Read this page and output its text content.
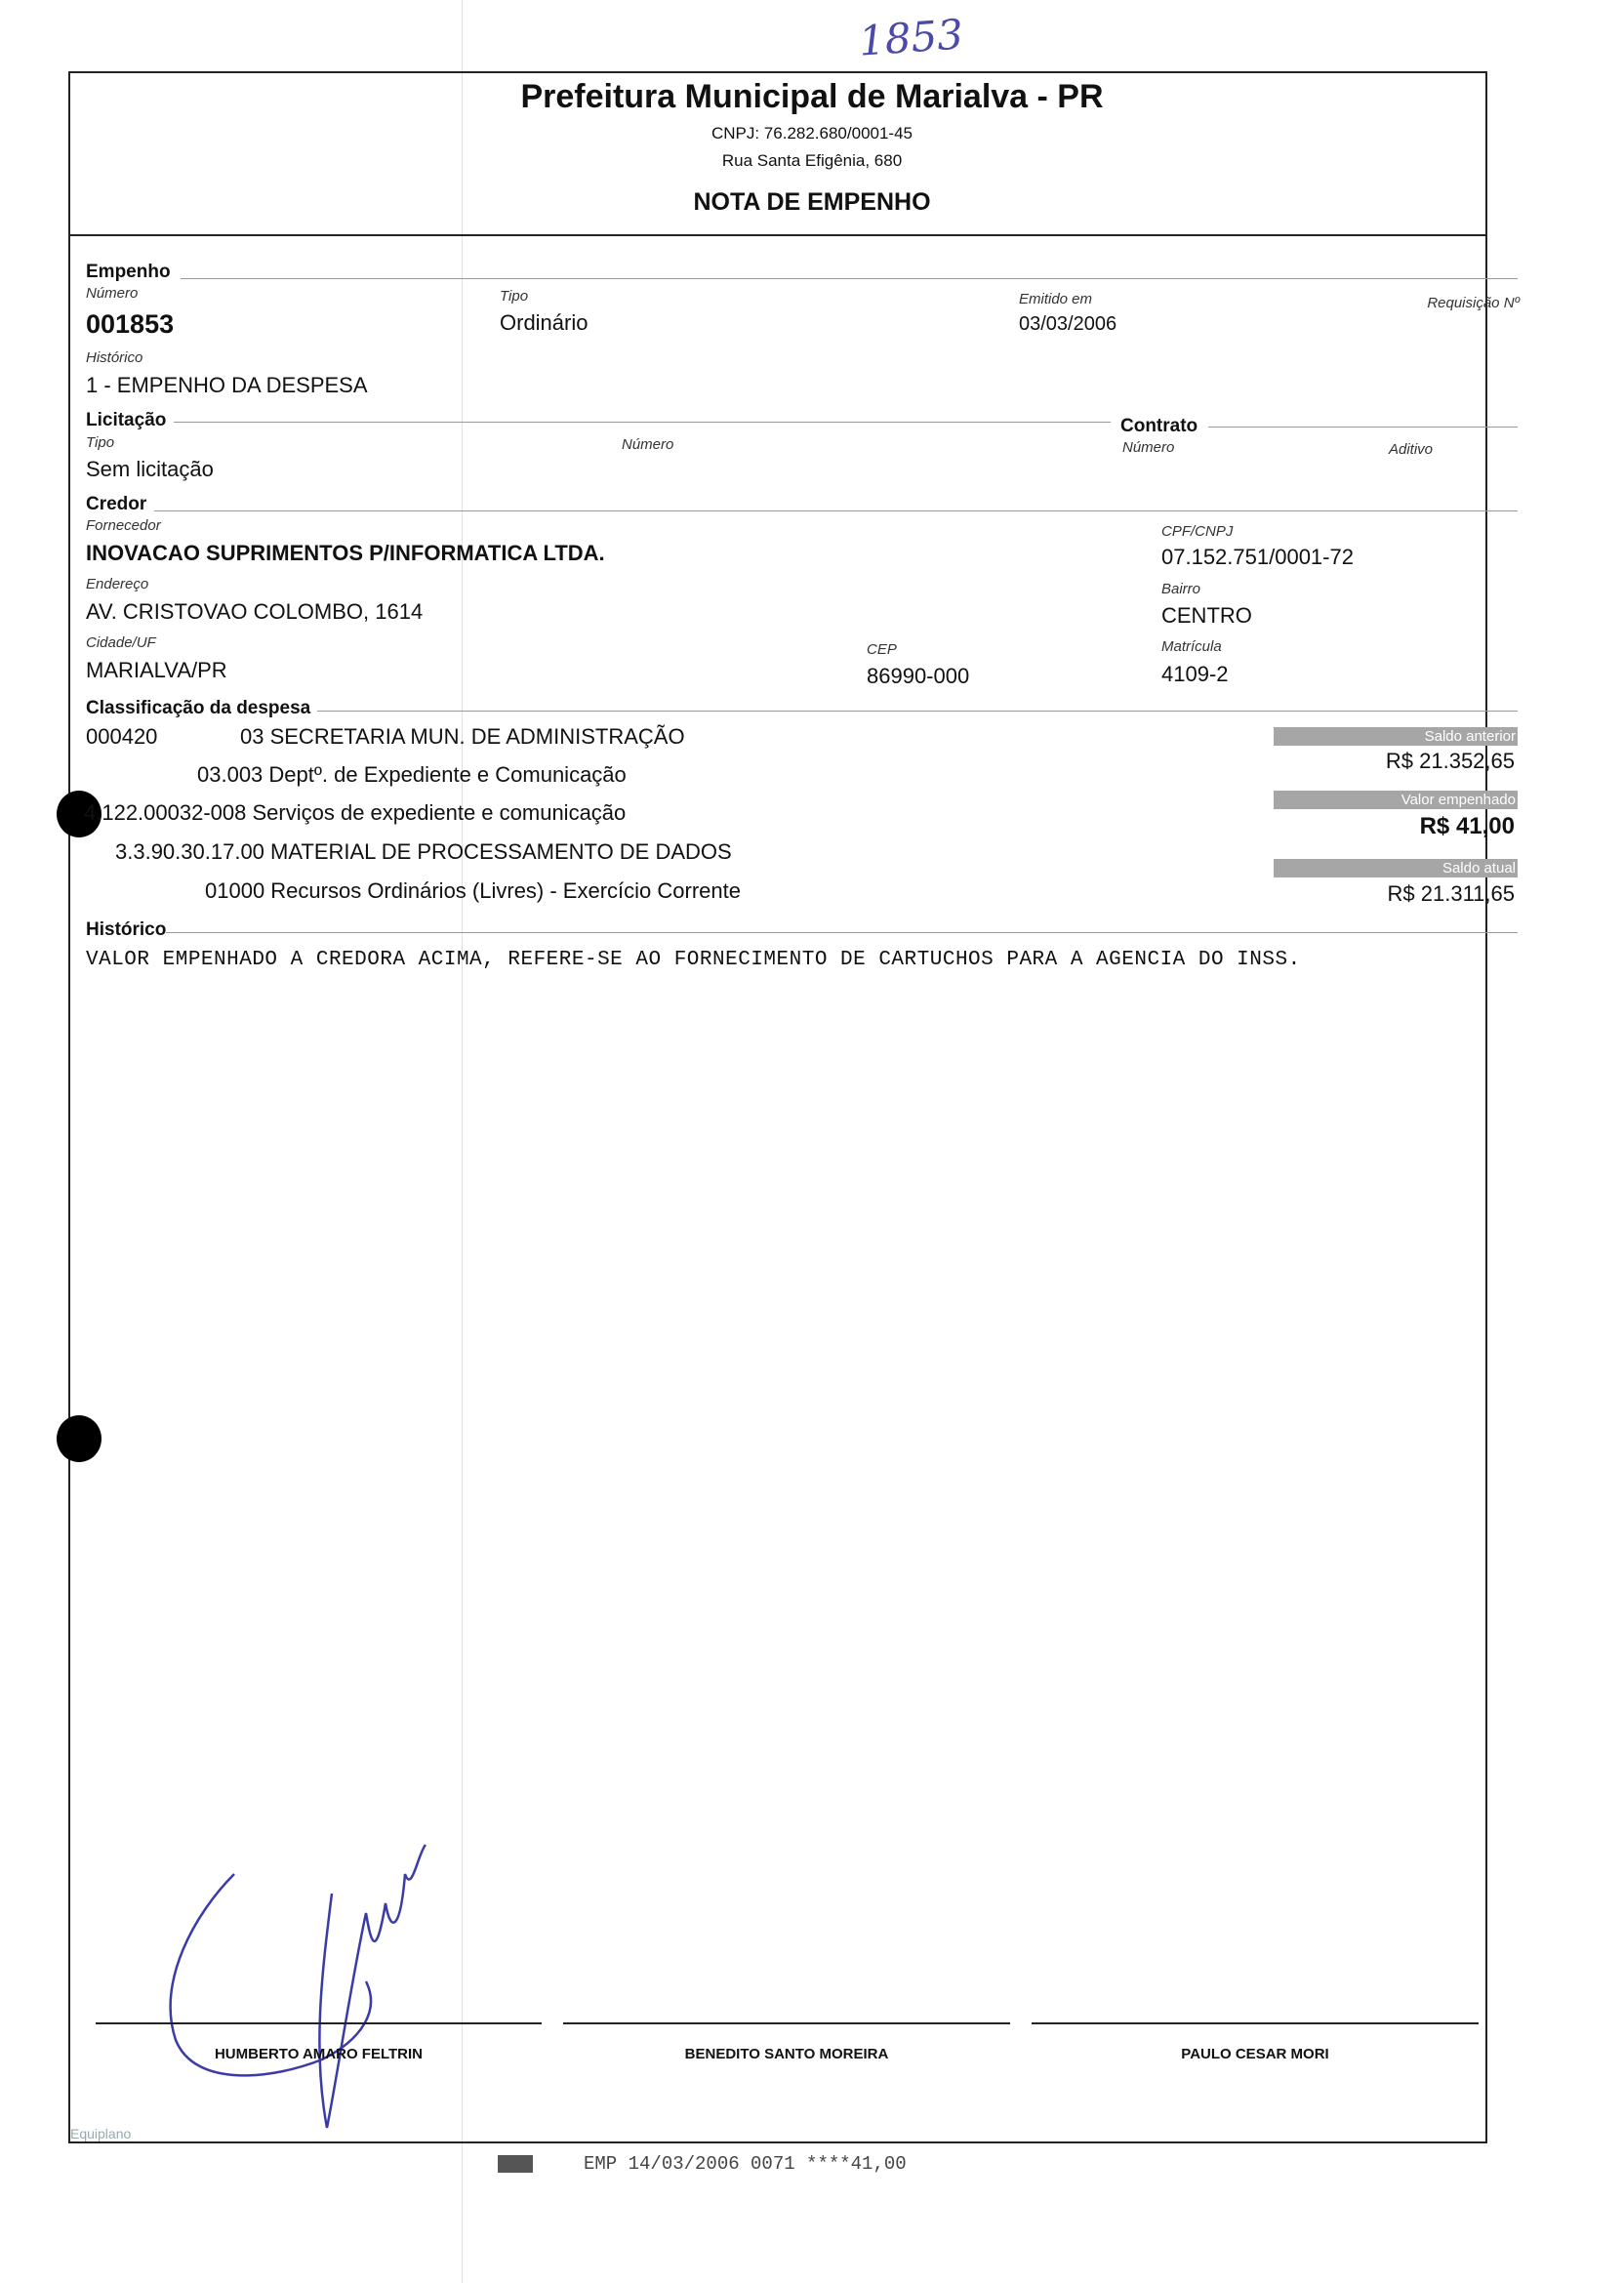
1853
Prefeitura Municipal de Marialva - PR
CNPJ: 76.282.680/0001-45
Rua Santa Efigênia, 680
NOTA DE EMPENHO
Empenho
Número
001853
Tipo
Ordinário
Emitido em
03/03/2006
Requisição Nº
Histórico
1 - EMPENHO DA DESPESA
Licitação
Tipo
Sem licitação
Número
Contrato
Número	Aditivo
Credor
Fornecedor
INOVACAO SUPRIMENTOS P/INFORMATICA LTDA.
CPF/CNPJ
07.152.751/0001-72
Endereço
AV. CRISTOVAO COLOMBO, 1614
Bairro
CENTRO
Cidade/UF
MARIALVA/PR
CEP
86990-000
Matrícula
4109-2
Classificação da despesa
000420	03 SECRETARIA MUN. DE ADMINISTRAÇÃO
03.003 Deptº. de Expediente e Comunicação
4.122.00032-008 Serviços de expediente e comunicação
3.3.90.30.17.00 MATERIAL DE PROCESSAMENTO DE DADOS
01000 Recursos Ordinários (Livres) - Exercício Corrente
Saldo anterior
R$ 21.352,65
Valor empenhado
R$ 41,00
Saldo atual
R$ 21.311,65
Histórico
VALOR EMPENHADO A CREDORA ACIMA, REFERE-SE AO FORNECIMENTO DE CARTUCHOS PARA A AGENCIA DO INSS.
HUMBERTO AMARO FELTRIN	BENEDITO SANTO MOREIRA	PAULO CESAR MORI
Equiplano
EMP 14/03/2006 0071 ****41,00
